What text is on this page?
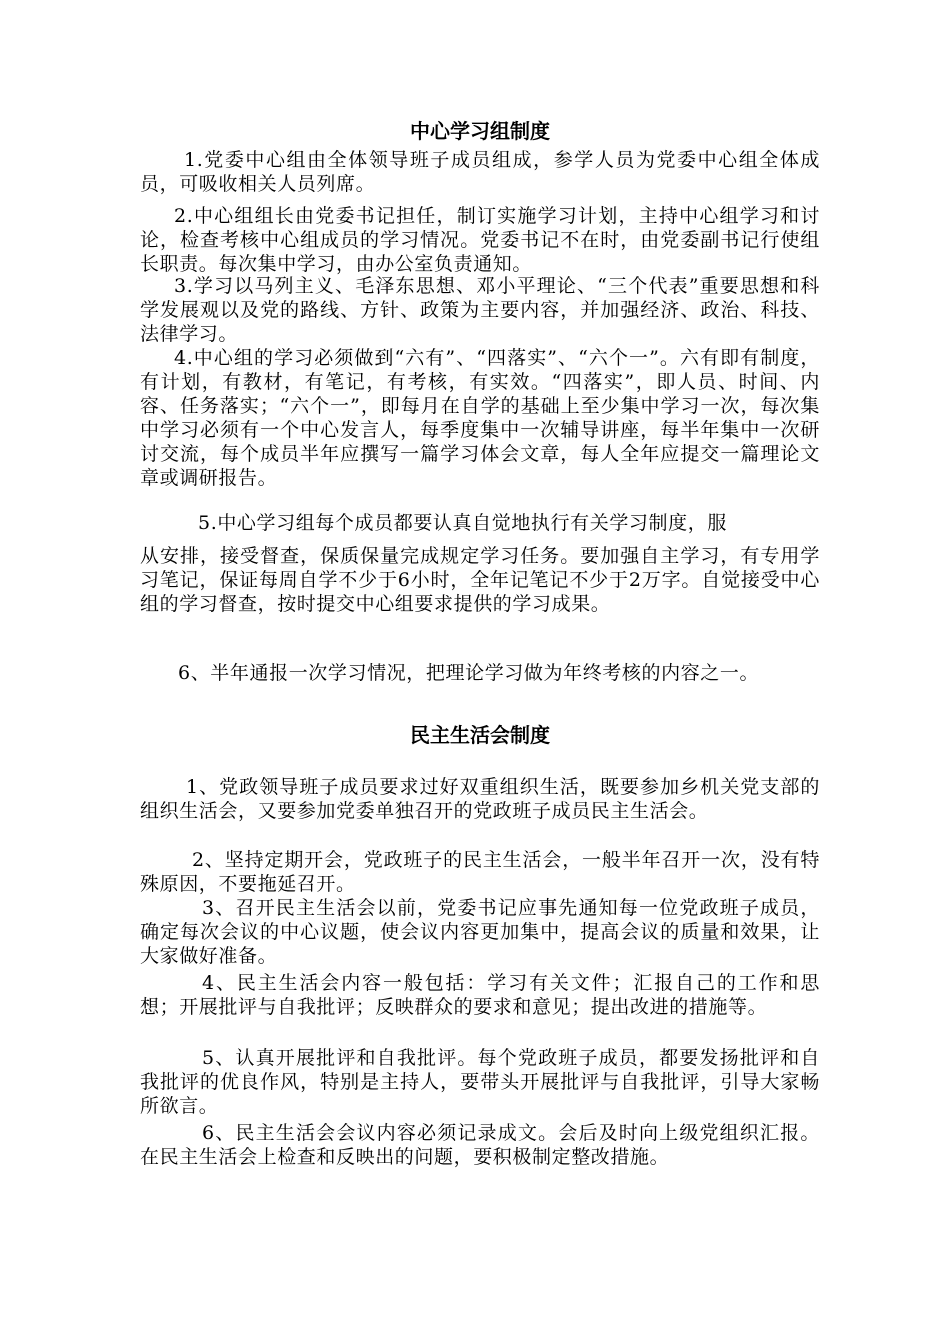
中心学习组制度

1.党委中心组由全体领导班子成员组成，参学人员为党委中心组全体成员，可吸收相关人员列席。

2.中心组组长由党委书记担任，制订实施学习计划，主持中心组学习和讨论，检查考核中心组成员的学习情况。党委书记不在时，由党委副书记行使组长职责。每次集中学习，由办公室负责通知。

3.学习以马列主义、毛泽东思想、邓小平理论、“三个代表”重要思想和科学发展观以及党的路线、方针、政策为主要内容，并加强经济、政治、科技、法律学习。

4.中心组的学习必须做到“六有”、“四落实”、“六个一”。六有即有制度，有计划，有教材，有笔记，有考核，有实效。“四落实”，即人员、时间、内容、任务落实；“六个一”，即每月在自学的基础上至少集中学习一次，每次集中学习必须有一个中心发言人，每季度集中一次辅导讲座，每半年集中一次研讨交流，每个成员半年应撰写一篇学习体会文章，每人全年应提交一篇理论文章或调研报告。

5.中心学习组每个成员都要认真自觉地执行有关学习制度，服

从安排，接受督查，保质保量完成规定学习任务。要加强自主学习，有专用学习笔记，保证每周自学不少于6小时，全年记笔记不少于2万字。自觉接受中心组的学习督查，按时提交中心组要求提供的学习成果。

6、半年通报一次学习情况，把理论学习做为年终考核的内容之一。

民主生活会制度

1、党政领导班子成员要求过好双重组织生活，既要参加乡机关党支部的组织生活会，又要参加党委单独召开的党政班子成员民主生活会。

2、坚持定期开会，党政班子的民主生活会，一般半年召开一次，没有特殊原因，不要拖延召开。

3、召开民主生活会以前，党委书记应事先通知每一位党政班子成员，确定每次会议的中心议题，使会议内容更加集中，提高会议的质量和效果，让大家做好准备。

4、民主生活会内容一般包括：学习有关文件；汇报自己的工作和思想；开展批评与自我批评；反映群众的要求和意见；提出改进的措施等。

5、认真开展批评和自我批评。每个党政班子成员，都要发扬批评和自我批评的优良作风，特别是主持人，要带头开展批评与自我批评，引导大家畅所欲言。

6、民主生活会会议内容必须记录成文。会后及时向上级党组织汇报。在民主生活会上检查和反映出的问题，要积极制定整改措施。
